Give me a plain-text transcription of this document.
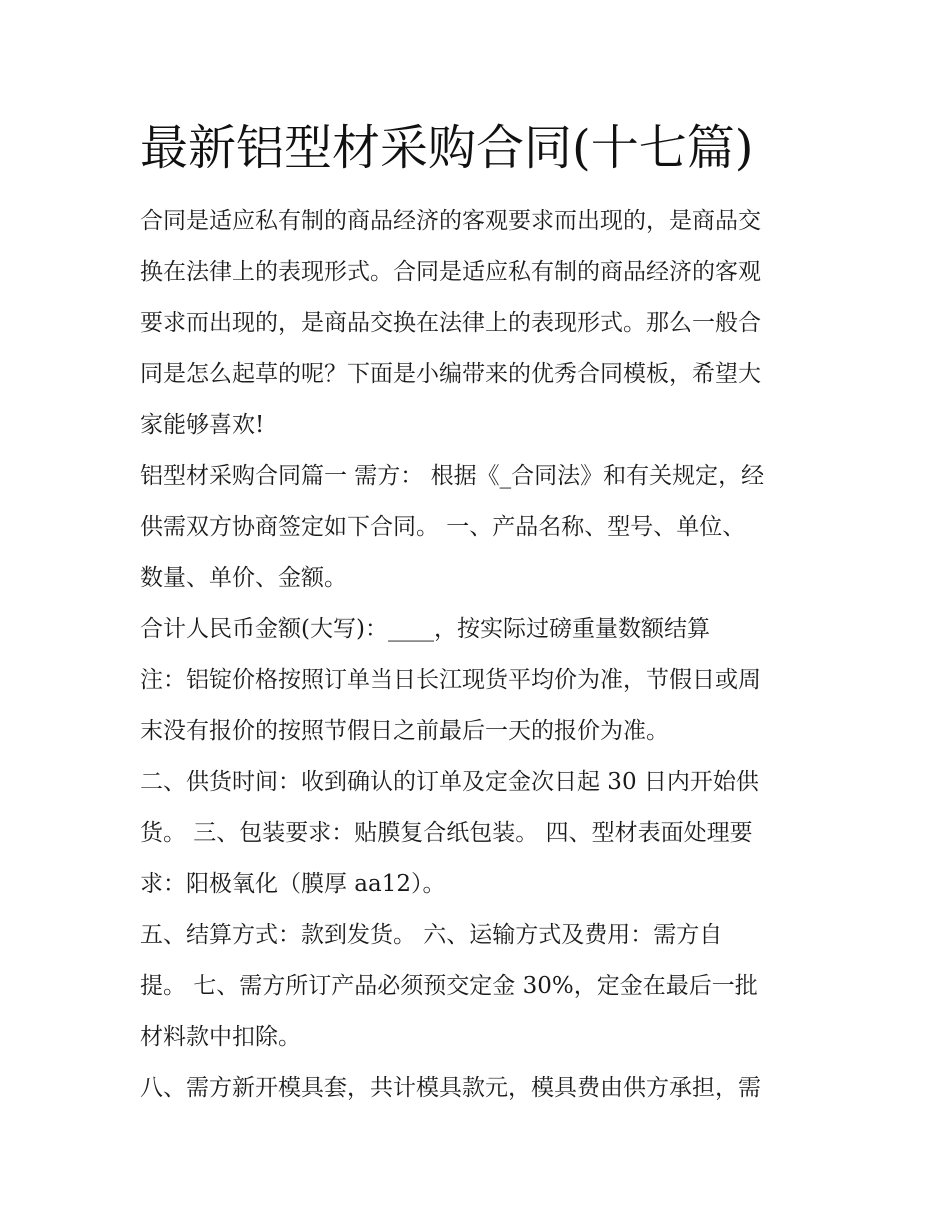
最新铝型材采购合同(十七篇)

合同是适应私有制的商品经济的客观要求而出现的，是商品交
换在法律上的表现形式。合同是适应私有制的商品经济的客观
要求而出现的，是商品交换在法律上的表现形式。那么一般合
同是怎么起草的呢？下面是小编带来的优秀合同模板，希望大
家能够喜欢!

铝型材采购合同篇一 需方： 根据《_合同法》和有关规定，经
供需双方协商签定如下合同。 一、产品名称、型号、单位、
数量、单价、金额。

合计人民币金额(大写)：____，按实际过磅重量数额结算

注：铝锭价格按照订单当日长江现货平均价为准，节假日或周
末没有报价的按照节假日之前最后一天的报价为准。

二、供货时间：收到确认的订单及定金次日起 30 日内开始供
货。 三、包装要求：贴膜复合纸包装。 四、型材表面处理要
求：阳极氧化（膜厚 aa12）。

五、结算方式：款到发货。 六、运输方式及费用：需方自
提。 七、需方所订产品必须预交定金 30%，定金在最后一批
材料款中扣除。

八、需方新开模具套，共计模具款元，模具费由供方承担，需
